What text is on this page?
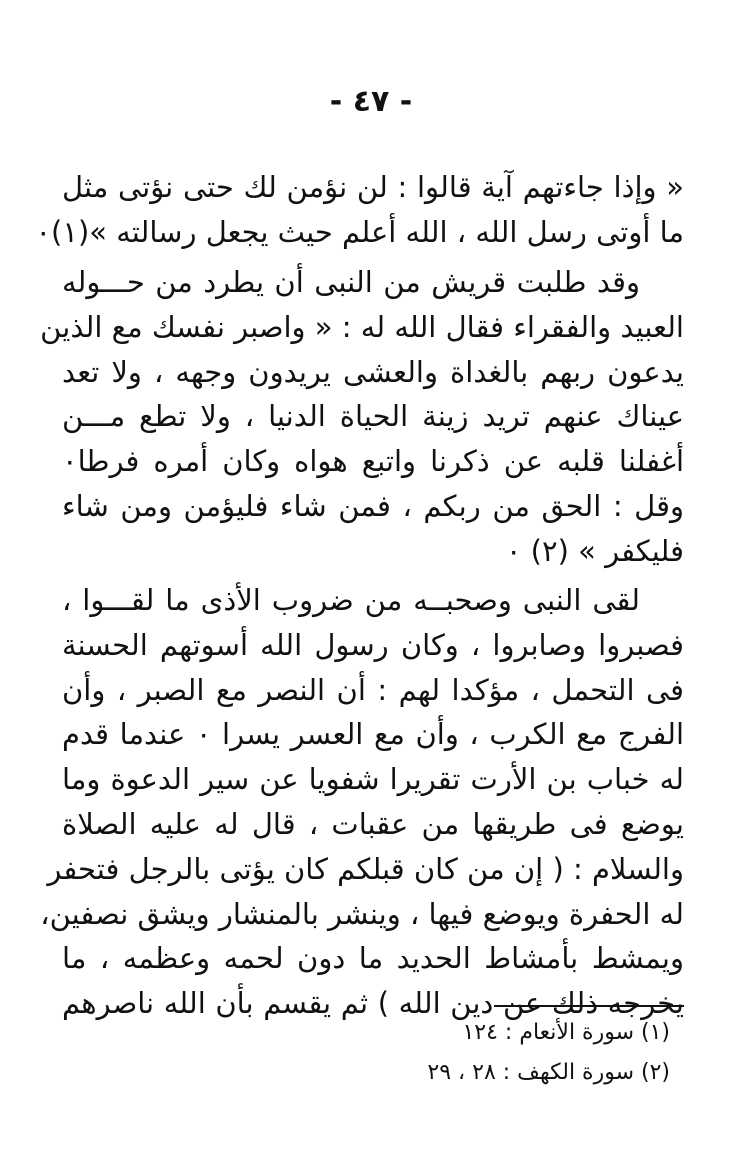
- ٤٧ -
« وإذا جاءتهم آية قالوا : لن نؤمن لك حتى نؤتى مثل
ما أوتى رسل الله ، الله أعلم حيث يجعل رسالته »(١)٠
وقد طلبت قريش من النبى أن يطرد من حـــوله
العبيد والفقراء فقال الله له : « واصبر نفسك مع الذين
يدعون ربهم بالغداة والعشى يريدون وجهه ، ولا تعد
عيناك عنهم تريد زينة الحياة الدنيا ، ولا تطع مـــن
أغفلنا قلبه عن ذكرنا واتبع هواه وكان أمره فرطا٠
وقل : الحق من ربكم ، فمن شاء فليؤمن ومن شاء
فليكفر » (٢) ٠
لقى النبى وصحبــه من ضروب الأذى ما لقـــوا ،
فصبروا وصابروا ، وكان رسول الله أسوتهم الحسنة
فى التحمل ، مؤكدا لهم : أن النصر مع الصبر ، وأن
الفرج مع الكرب ، وأن مع العسر يسرا ٠ عندما قدم
له خباب بن الأرت تقريرا شفويا عن سير الدعوة وما
يوضع فى طريقها من عقبات ، قال له عليه الصلاة
والسلام : ( إن من كان قبلكم كان يؤتى بالرجل فتحفر
له الحفرة ويوضع فيها ، وينشر بالمنشار ويشق نصفين،
ويمشط بأمشاط الحديد ما دون لحمه وعظمه ، ما
يخرجه ذلك عن دين الله ) ثم يقسم بأن الله ناصرهم
(١) سورة الأنعام : ١٢٤
(٢) سورة الكهف : ٢٨ ، ٢٩
